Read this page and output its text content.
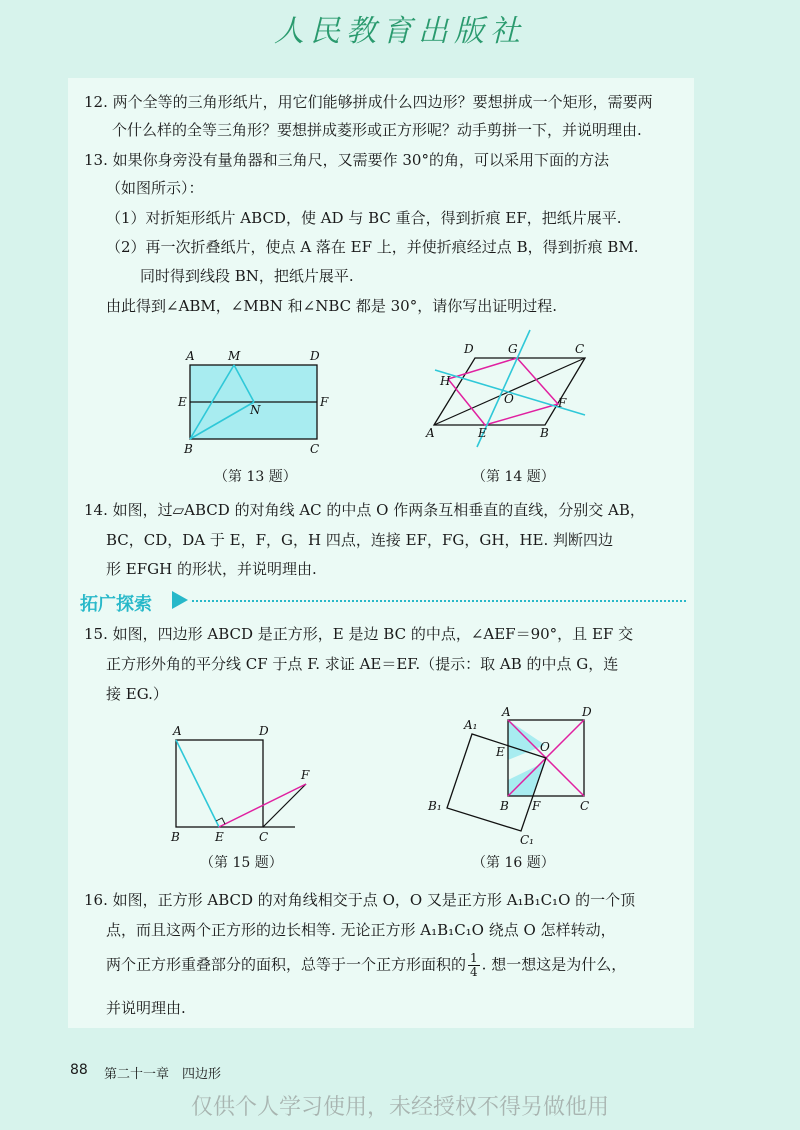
人民教育出版社
12. 两个全等的三角形纸片，用它们能够拼成什么四边形？要想拼成一个矩形，需要两
个什么样的全等三角形？要想拼成菱形或正方形呢？动手剪拼一下，并说明理由.
13. 如果你身旁没有量角器和三角尺，又需要作 30°的角，可以采用下面的方法
（如图所示）：
（1）对折矩形纸片 ABCD，使 AD 与 BC 重合，得到折痕 EF，把纸片展平.
（2）再一次折叠纸片，使点 A 落在 EF 上，并使折痕经过点 B，得到折痕 BM.
同时得到线段 BN，把纸片展平.
由此得到∠ABM，∠MBN 和∠NBC 都是 30°，请你写出证明过程.
A	M	D
E
N
F
B	C
（第 13 题）
D	G	C
H
O	F
A	E	B
（第 14 题）
14. 如图，过▱ABCD 的对角线 AC 的中点 O 作两条互相垂直的直线，分别交 AB，
BC，CD，DA 于 E，F，G，H 四点，连接 EF，FG，GH，HE. 判断四边
形 EFGH 的形状，并说明理由.
拓广探索
15. 如图，四边形 ABCD 是正方形，E 是边 BC 的中点，∠AEF＝90°，且 EF 交
正方形外角的平分线 CF 于点 F. 求证 AE＝EF.（提示：取 AB 的中点 G，连
接 EG.）
A	D
F
B	E	C
（第 15 题）
A₁
A	D
E	O
B₁	B F	C
C₁
（第 16 题）
16. 如图，正方形 ABCD 的对角线相交于点 O，O 又是正方形 A₁B₁C₁O 的一个顶
点，而且这两个正方形的边长相等. 无论正方形 A₁B₁C₁O 绕点 O 怎样转动，
两个正方形重叠部分的面积，总等于一个正方形面积的 $\frac{1}{4}$ . 想一想这是为什么，
并说明理由.
88 第二十一章　四边形
仅供个人学习使用，未经授权不得另做他用
